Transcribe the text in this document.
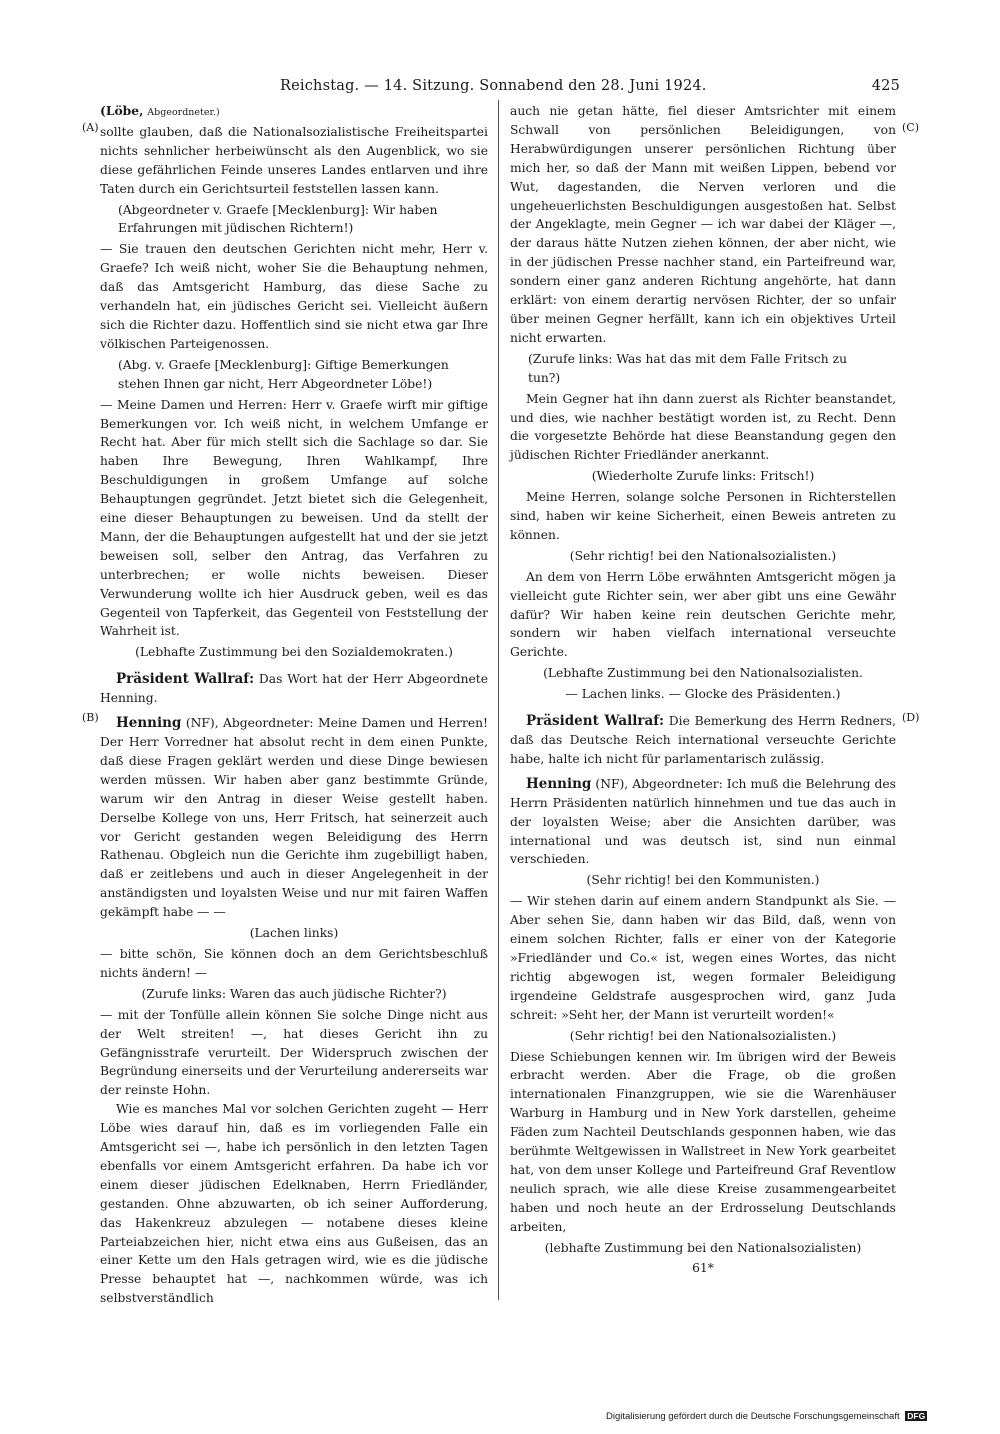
Reichstag. — 14. Sitzung. Sonnabend den 28. Juni 1924.	425
(A)
(B)
(C)
(D)

(Löbe, Abgeordneter.)

sollte glauben, daß die Nationalsozialistische Freiheitspartei nichts sehnlicher herbeiwünscht als den Augenblick, wo sie diese gefährlichen Feinde unseres Landes entlarven und ihre Taten durch ein Gerichtsurteil feststellen lassen kann.

(Abgeordneter v. Graefe [Mecklenburg]: Wir haben Erfahrungen mit jüdischen Richtern!)

— Sie trauen den deutschen Gerichten nicht mehr, Herr v. Graefe? Ich weiß nicht, woher Sie die Behauptung nehmen, daß das Amtsgericht Hamburg, das diese Sache zu verhandeln hat, ein jüdisches Gericht sei. Vielleicht äußern sich die Richter dazu. Hoffentlich sind sie nicht etwa gar Ihre völkischen Parteigenossen.

(Abg. v. Graefe [Mecklenburg]: Giftige Bemerkungen stehen Ihnen gar nicht, Herr Abgeordneter Löbe!)

— Meine Damen und Herren: Herr v. Graefe wirft mir giftige Bemerkungen vor. Ich weiß nicht, in welchem Umfange er Recht hat. Aber für mich stellt sich die Sachlage so dar. Sie haben Ihre Bewegung, Ihren Wahlkampf, Ihre Beschuldigungen in großem Umfange auf solche Behauptungen gegründet. Jetzt bietet sich die Gelegenheit, eine dieser Behauptungen zu beweisen. Und da stellt der Mann, der die Behauptungen aufgestellt hat und der sie jetzt beweisen soll, selber den Antrag, das Verfahren zu unterbrechen; er wolle nichts beweisen. Dieser Verwunderung wollte ich hier Ausdruck geben, weil es das Gegenteil von Tapferkeit, das Gegenteil von Feststellung der Wahrheit ist.

(Lebhafte Zustimmung bei den Sozialdemokraten.)

Präsident Wallraf: Das Wort hat der Herr Abgeordnete Henning.

Henning (NF), Abgeordneter: Meine Damen und Herren! Der Herr Vorredner hat absolut recht in dem einen Punkte, daß diese Fragen geklärt werden und diese Dinge bewiesen werden müssen. Wir haben aber ganz bestimmte Gründe, warum wir den Antrag in dieser Weise gestellt haben. Derselbe Kollege von uns, Herr Fritsch, hat seinerzeit auch vor Gericht gestanden wegen Beleidigung des Herrn Rathenau. Obgleich nun die Gerichte ihm zugebilligt haben, daß er zeitlebens und auch in dieser Angelegenheit in der anständigsten und loyalsten Weise und nur mit fairen Waffen gekämpft habe — —

(Lachen links)

— bitte schön, Sie können doch an dem Gerichtsbeschluß nichts ändern! —

(Zurufe links: Waren das auch jüdische Richter?)

— mit der Tonfülle allein können Sie solche Dinge nicht aus der Welt streiten! —, hat dieses Gericht ihn zu Gefängnisstrafe verurteilt. Der Widerspruch zwischen der Begründung einerseits und der Verurteilung andererseits war der reinste Hohn.

Wie es manches Mal vor solchen Gerichten zugeht — Herr Löbe wies darauf hin, daß es im vorliegenden Falle ein Amtsgericht sei —, habe ich persönlich in den letzten Tagen ebenfalls vor einem Amtsgericht erfahren. Da habe ich vor einem dieser jüdischen Edelknaben, Herrn Friedländer, gestanden. Ohne abzuwarten, ob ich seiner Aufforderung, das Hakenkreuz abzulegen — notabene dieses kleine Parteiabzeichen hier, nicht etwa eins aus Gußeisen, das an einer Kette um den Hals getragen wird, wie es die jüdische Presse behauptet hat —, nachkommen würde, was ich selbstverständlich

auch nie getan hätte, fiel dieser Amtsrichter mit einem Schwall von persönlichen Beleidigungen, von Herabwürdigungen unserer persönlichen Richtung über mich her, so daß der Mann mit weißen Lippen, bebend vor Wut, dagestanden, die Nerven verloren und die ungeheuerlichsten Beschuldigungen ausgestoßen hat. Selbst der Angeklagte, mein Gegner — ich war dabei der Kläger —, der daraus hätte Nutzen ziehen können, der aber nicht, wie in der jüdischen Presse nachher stand, ein Parteifreund war, sondern einer ganz anderen Richtung angehörte, hat dann erklärt: von einem derartig nervösen Richter, der so unfair über meinen Gegner herfällt, kann ich ein objektives Urteil nicht erwarten.

(Zurufe links: Was hat das mit dem Falle Fritsch zu tun?)

Mein Gegner hat ihn dann zuerst als Richter beanstandet, und dies, wie nachher bestätigt worden ist, zu Recht. Denn die vorgesetzte Behörde hat diese Beanstandung gegen den jüdischen Richter Friedländer anerkannt.

(Wiederholte Zurufe links: Fritsch!)

Meine Herren, solange solche Personen in Richterstellen sind, haben wir keine Sicherheit, einen Beweis antreten zu können.

(Sehr richtig! bei den Nationalsozialisten.)

An dem von Herrn Löbe erwähnten Amtsgericht mögen ja vielleicht gute Richter sein, wer aber gibt uns eine Gewähr dafür? Wir haben keine rein deutschen Gerichte mehr, sondern wir haben vielfach international verseuchte Gerichte.

(Lebhafte Zustimmung bei den Nationalsozialisten.

— Lachen links. — Glocke des Präsidenten.)

Präsident Wallraf: Die Bemerkung des Herrn Redners, daß das Deutsche Reich international verseuchte Gerichte habe, halte ich nicht für parlamentarisch zulässig.

Henning (NF), Abgeordneter: Ich muß die Belehrung des Herrn Präsidenten natürlich hinnehmen und tue das auch in der loyalsten Weise; aber die Ansichten darüber, was international und was deutsch ist, sind nun einmal verschieden.

(Sehr richtig! bei den Kommunisten.)

— Wir stehen darin auf einem andern Standpunkt als Sie. — Aber sehen Sie, dann haben wir das Bild, daß, wenn von einem solchen Richter, falls er einer von der Kategorie »Friedländer und Co.« ist, wegen eines Wortes, das nicht richtig abgewogen ist, wegen formaler Beleidigung irgendeine Geldstrafe ausgesprochen wird, ganz Juda schreit: »Seht her, der Mann ist verurteilt worden!«

(Sehr richtig! bei den Nationalsozialisten.)

Diese Schiebungen kennen wir. Im übrigen wird der Beweis erbracht werden. Aber die Frage, ob die großen internationalen Finanzgruppen, wie sie die Warenhäuser Warburg in Hamburg und in New York darstellen, geheime Fäden zum Nachteil Deutschlands gesponnen haben, wie das berühmte Weltgewissen in Wallstreet in New York gearbeitet hat, von dem unser Kollege und Parteifreund Graf Reventlow neulich sprach, wie alle diese Kreise zusammengearbeitet haben und noch heute an der Erdrosselung Deutschlands arbeiten,

(lebhafte Zustimmung bei den Nationalsozialisten)

61*

Digitalisierung gefördert durch die Deutsche Forschungsgemeinschaft DFG
